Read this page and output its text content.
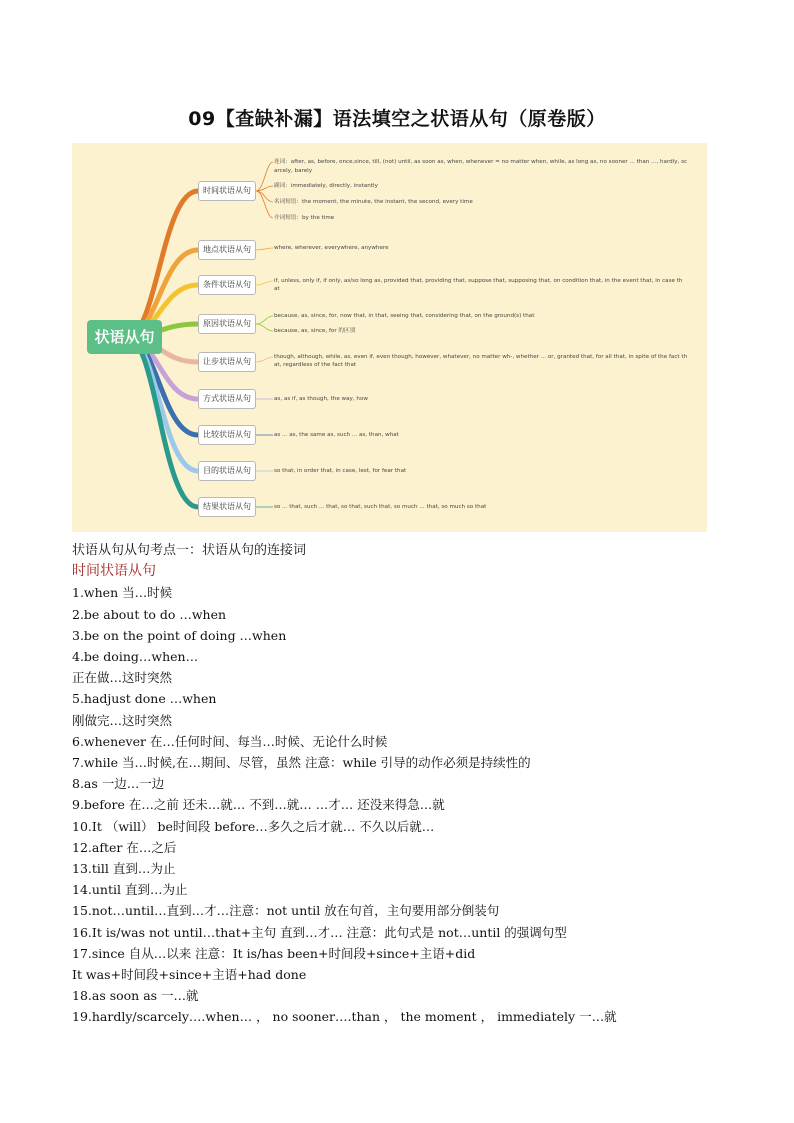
09【查缺补漏】语法填空之状语从句（原卷版）
状语从句
连词：after, as, before, once,since, till, (not) until, as soon as, when, whenever = no matter when, while, as long as, no sooner ... than ..., hardly, sc
arcely, barely
副词：immediately, directly, instantly
名词短语：the moment, the minute, the instant, the second, every time
介词短语：by the time
时间状语从句
where, wherever, everywhere, anywhere
地点状语从句
if, unless, only if, if only, as/so long as, provided that, providing that, suppose that, supposing that, on condition that, in the event that, in case th
at
条件状语从句
because, as, since, for, now that, in that, seeing that, considering that, on the ground(s) that
because, as, since, for 的区别
原因状语从句
though, although, while, as, even if, even though, however, whatever, no matter wh-, whether ... or, granted that, for all that, in spite of the fact th
at, regardless of the fact that
让步状语从句
as, as if, as though, the way, how
方式状语从句
as ... as, the same as, such ... as, than, what
比较状语从句
so that, in order that, in case, lest, for fear that
目的状语从句
so ... that, such ... that, so that, such that, so much ... that, so much so that
结果状语从句
状语从句从句考点一：状语从句的连接词
时间状语从句
1.when 当…时候
2.be about to do …when
3.be on the point of doing …when
4.be doing…when…
正在做…这时突然
5.hadjust done …when
刚做完…这时突然
6.whenever 在…任何时间、每当…时候、无论什么时候
7.while 当…时候,在…期间、尽管，虽然 注意：while 引导的动作必须是持续性的
8.as 一边…一边
9.before 在…之前 还未…就… 不到…就… …才… 还没来得急…就
10.It （will） be时间段 before…多久之后才就… 不久以后就…
12.after 在…之后
13.till 直到…为止
14.until 直到…为止
15.not…until…直到…才…注意：not until 放在句首，主句要用部分倒装句
16.It is/was not until…that+主句 直到…才… 注意：此句式是 not…until 的强调句型
17.since 自从…以来 注意：It is/has been+时间段+since+主语+did
It was+时间段+since+主语+had done
18.as soon as 一…就
19.hardly/scarcely….when… ， no sooner….than ， the moment ， immediately 一…就
